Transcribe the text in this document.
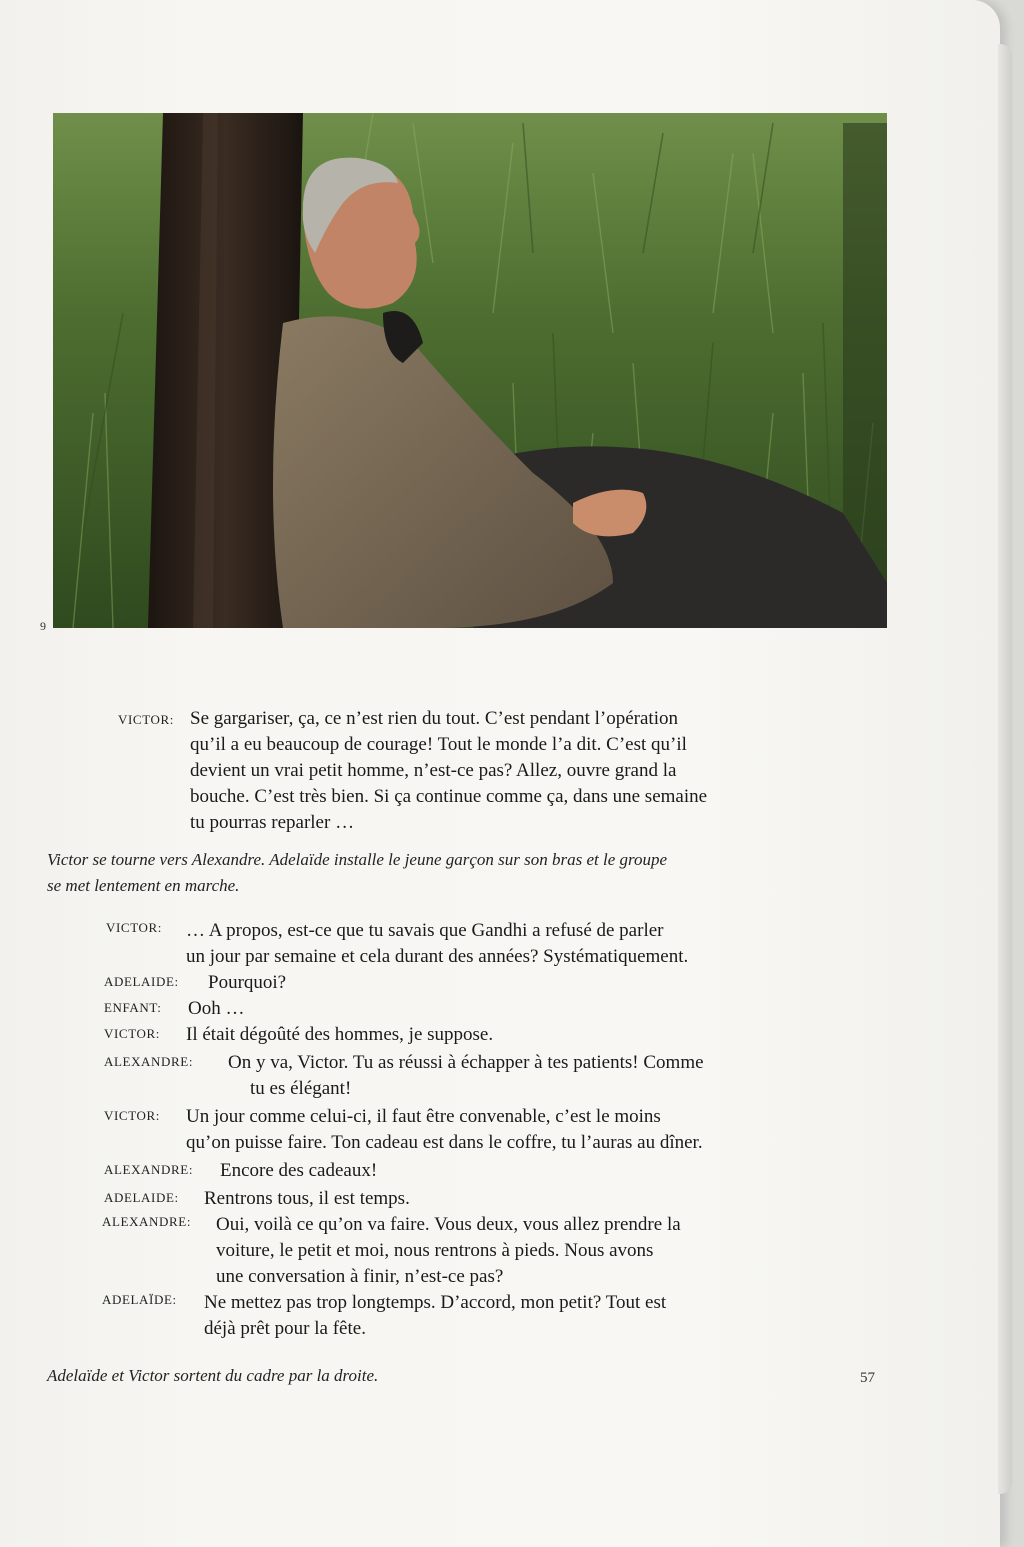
9
VICTOR: Se gargariser, ça, ce n’est rien du tout. C’est pendant l’opération
qu’il a eu beaucoup de courage! Tout le monde l’a dit. C’est qu’il
devient un vrai petit homme, n’est-ce pas? Allez, ouvre grand la
bouche. C’est très bien. Si ça continue comme ça, dans une semaine
tu pourras reparler …
Victor se tourne vers Alexandre. Adelaïde installe le jeune garçon sur son bras et le groupe
se met lentement en marche.
VICTOR: … A propos, est-ce que tu savais que Gandhi a refusé de parler
un jour par semaine et cela durant des années? Systématiquement.
ADELAIDE: Pourquoi?
ENFANT: Ooh …
VICTOR: Il était dégoûté des hommes, je suppose.
ALEXANDRE: On y va, Victor. Tu as réussi à échapper à tes patients! Comme
tu es élégant!
VICTOR: Un jour comme celui-ci, il faut être convenable, c’est le moins
qu’on puisse faire. Ton cadeau est dans le coffre, tu l’auras au dîner.
ALEXANDRE: Encore des cadeaux!
ADELAIDE: Rentrons tous, il est temps.
ALEXANDRE: Oui, voilà ce qu’on va faire. Vous deux, vous allez prendre la
voiture, le petit et moi, nous rentrons à pieds. Nous avons
une conversation à finir, n’est-ce pas?
ADELAÏDE: Ne mettez pas trop longtemps. D’accord, mon petit? Tout est
déjà prêt pour la fête.
Adelaïde et Victor sortent du cadre par la droite.	57
